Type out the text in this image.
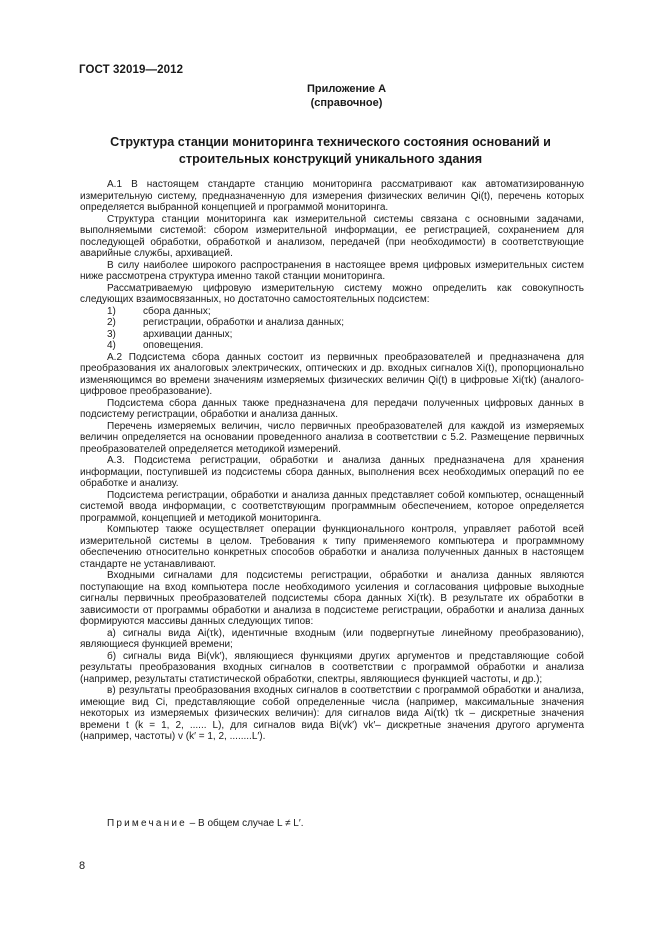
ГОСТ 32019—2012
Приложение А
(справочное)
Структура станции мониторинга технического состояния оснований и
строительных конструкций уникального здания

А.1 В настоящем стандарте станцию мониторинга рассматривают как автоматизированную измерительную систему, предназначенную для измерения физических величин Qi(t), перечень которых определяется выбранной концепцией и программой мониторинга.

Структура станции мониторинга как измерительной системы связана с основными задачами, выполняемыми системой: сбором измерительной информации, ее регистрацией, сохранением для последующей обработки, обработкой и анализом, передачей (при необходимости) в соответствующие аварийные службы, архивацией.

В силу наиболее широкого распространения в настоящее время цифровых измерительных систем ниже рассмотрена структура именно такой станции мониторинга.

Рассматриваемую цифровую измерительную систему можно определить как совокупность следующих взаимосвязанных, но достаточно самостоятельных подсистем:

1)	сбора данных;
2)	регистрации, обработки и анализа данных;
3)	архивации данных;
4)	оповещения.

А.2 Подсистема сбора данных состоит из первичных преобразователей и предназначена для преобразования их аналоговых электрических, оптических и др. входных сигналов Xi(t), пропорционально изменяющимся во времени значениям измеряемых физических величин Qi(t) в цифровые Xi(τk) (аналого-цифровое преобразование).

Подсистема сбора данных также предназначена для передачи полученных цифровых данных в подсистему регистрации, обработки и анализа данных.

Перечень измеряемых величин, число первичных преобразователей для каждой из измеряемых величин определяется на основании проведенного анализа в соответствии с 5.2. Размещение первичных преобразователей определяется методикой измерений.

А.3. Подсистема регистрации, обработки и анализа данных предназначена для хранения информации, поступившей из подсистемы сбора данных, выполнения всех необходимых операций по ее обработке и анализу.

Подсистема регистрации, обработки и анализа данных представляет собой компьютер, оснащенный системой ввода информации, с соответствующим программным обеспечением, которое определяется программой, концепцией и методикой мониторинга.

Компьютер также осуществляет операции функционального контроля, управляет работой всей измерительной системы в целом. Требования к типу применяемого компьютера и программному обеспечению относительно конкретных способов обработки и анализа полученных данных в настоящем стандарте не устанавливают.

Входными сигналами для подсистемы регистрации, обработки и анализа данных являются поступающие на вход компьютера после необходимого усиления и согласования цифровые выходные сигналы первичных преобразователей подсистемы сбора данных Xi(τk). В результате их обработки в зависимости от программы обработки и анализа в подсистеме регистрации, обработки и анализа данных формируются массивы данных следующих типов:

а) сигналы вида Ai(τk), идентичные входным (или подвергнутые линейному преобразованию), являющиеся функцией времени;

б) сигналы вида Bi(vk′), являющиеся функциями других аргументов и представляющие собой результаты преобразования входных сигналов в соответствии с программой обработки и анализа (например, результаты статистической обработки, спектры, являющиеся функцией частоты, и др.);

в) результаты преобразования входных сигналов в соответствии с программой обработки и анализа, имеющие вид Ci, представляющие собой определенные числа (например, максимальные значения некоторых из измеряемых физических величин): для сигналов вида Ai(τk) τk – дискретные значения времени t (k = 1, 2, ...... L), для сигналов вида Bi(vk′) vk′– дискретные значения другого аргумента (например, частоты) v (k′ = 1, 2, ........L′).

Примечание – В общем случае L ≠ L′.
8
